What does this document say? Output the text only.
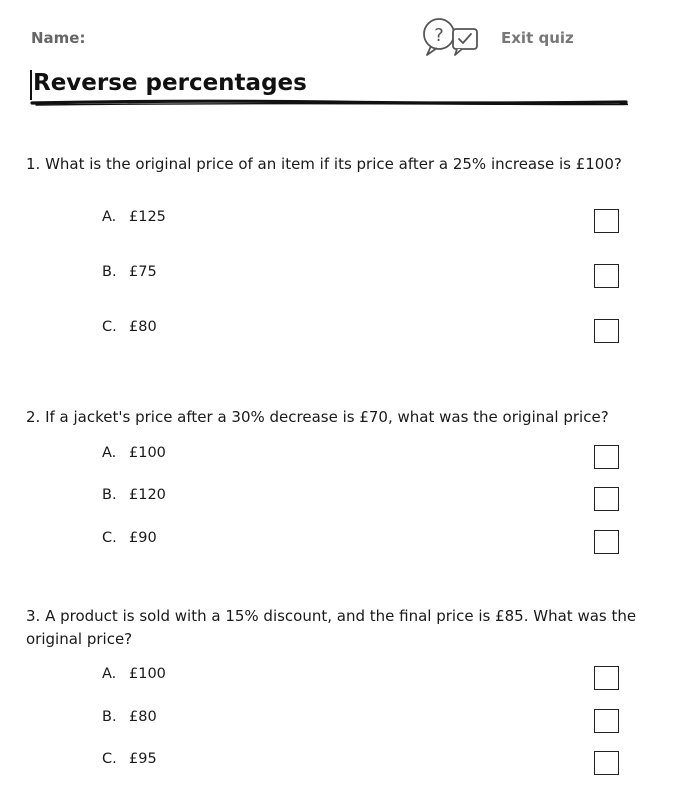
Name:	?	Exit quiz
Reverse percentages
1. What is the original price of an item if its price after a 25% increase is £100?
A. £125
B. £75
C. £80
2. If a jacket's price after a 30% decrease is £70, what was the original price?
A. £100
B. £120
C. £90
3. A product is sold with a 15% discount, and the final price is £85. What was the original price?
A. £100
B. £80
C. £95
